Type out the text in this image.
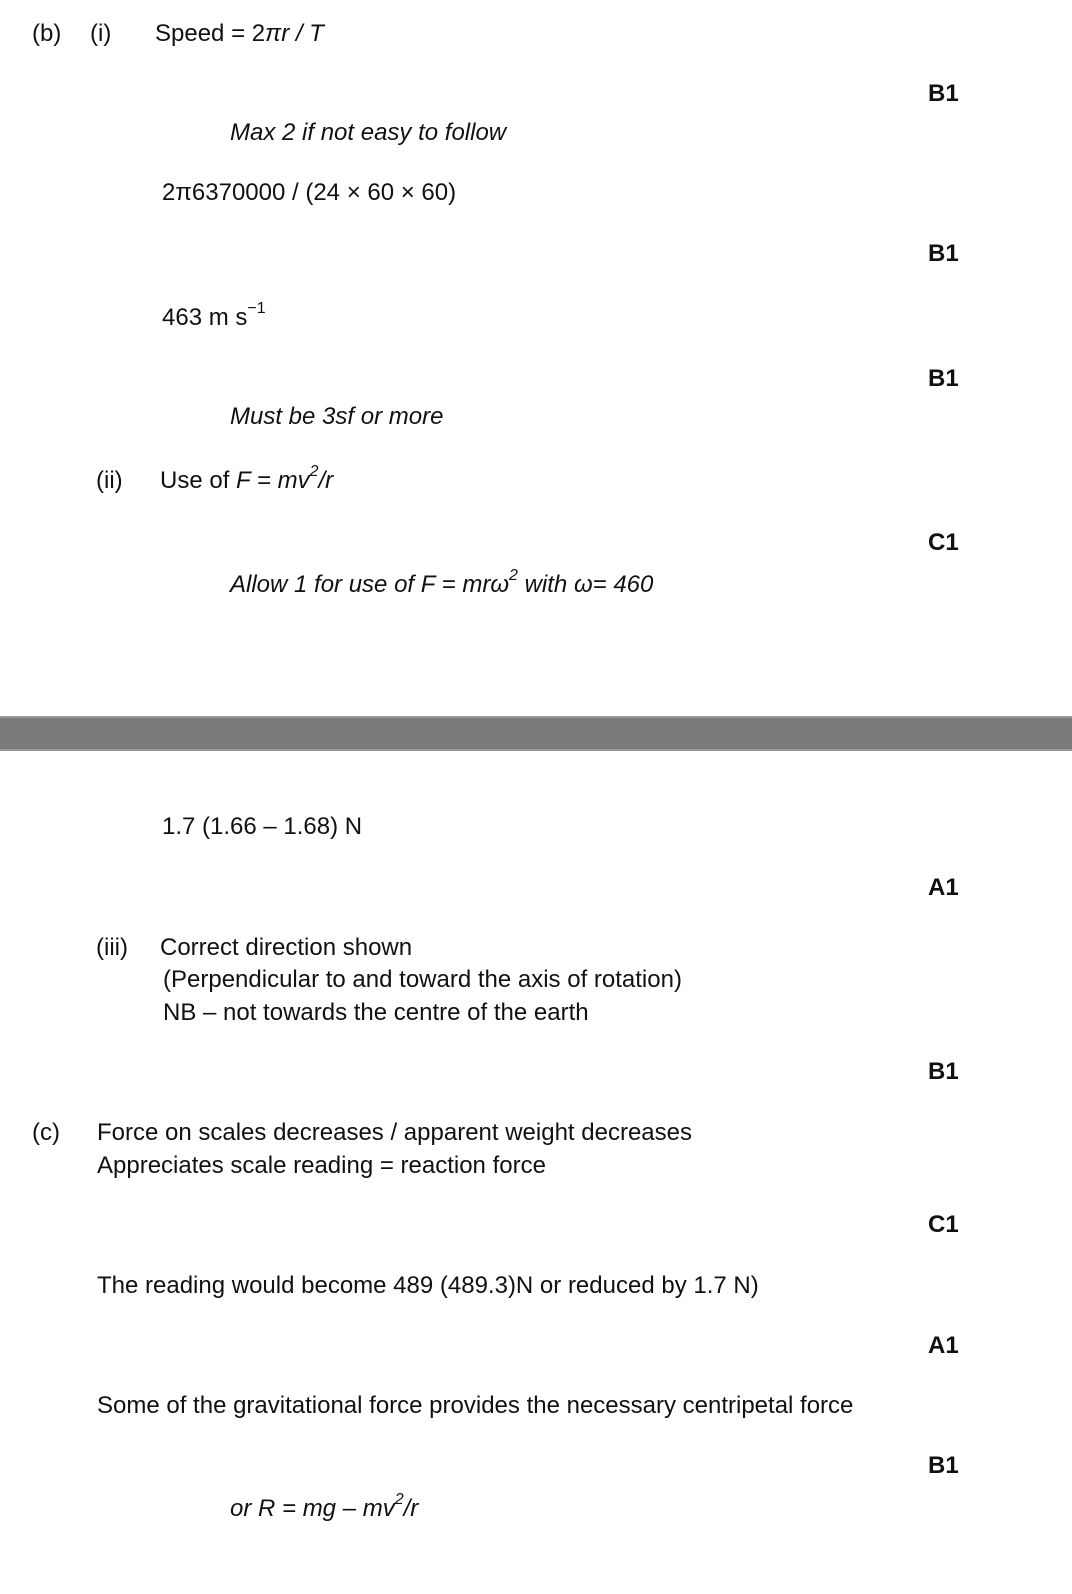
(b) (i) Speed = 2πr / T
B1
Max 2 if not easy to follow
2π6370000 / (24 × 60 × 60)
B1
463 m $s^{-1}$
B1
Must be 3sf or more
(ii) Use of $F = mv^2/r$
C1
Allow 1 for use of F = mrω$^2$ with ω= 460
1.7 (1.66 – 1.68) N
A1
(iii) Correct direction shown
(Perpendicular to and toward the axis of rotation)
NB – not towards the centre of the earth
B1
(c) Force on scales decreases / apparent weight decreases
Appreciates scale reading = reaction force
C1
The reading would become 489 (489.3)N or reduced by 1.7 N)
A1
Some of the gravitational force provides the necessary centripetal force
B1
or R = mg – $mv^2/r$
